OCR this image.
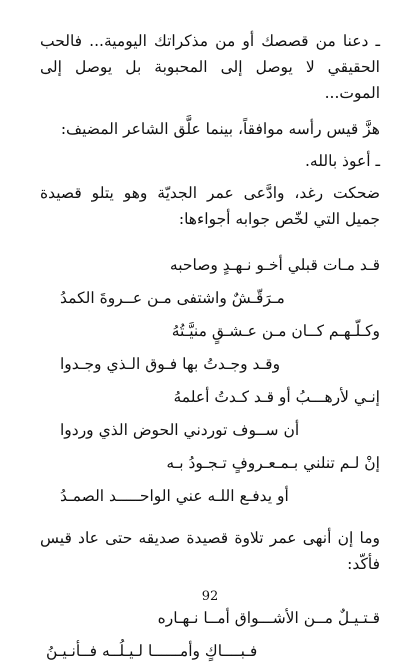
ـ دعنا من قصصك أو من مذكراتك اليومية... فالحب الحقيقي لا يوصل إلى المحبوبة بل يوصل إلى الموت...

هزَّ قيس رأسه موافقاً، بينما علَّق الشاعر المضيف:

ـ أعوذ بالله.

ضحكت رغد، وادَّعى عمر الجديّة وهو يتلو قصيدة جميل التي لخّص جوابه أجواءها:

قـد مـات قبلي أخـو نـهـدٍ وصاحبه
مـرَقّـشٌ واشتفى مـن عــروةَ الكمدُ
وكـلّـهـم كــان مـن عـشـقٍ منيَّـتُهُ
وقـد وجـدتُ بها فـوق الـذي وجـدوا
إنـي لأرهـــبُ أو قـد كـدتُ أعلمهُ
أن ســوف توردني الحوض الذي وردوا
إنْ لـم تنلني بـمـعـروفٍ تـجـودُ بـه
أو يدفـع اللـه عني الواحـــــد الصمـدُ

وما إن أنهى عمر تلاوة قصيدة صديقه حتى عاد قيس فأكّد:

قـتـيـلٌ مــن الأشـــواق أمــا نـهـاره
فـبــــاكٍ وأمــــــا لـيـلُــه فــأنـيـنُ
92
